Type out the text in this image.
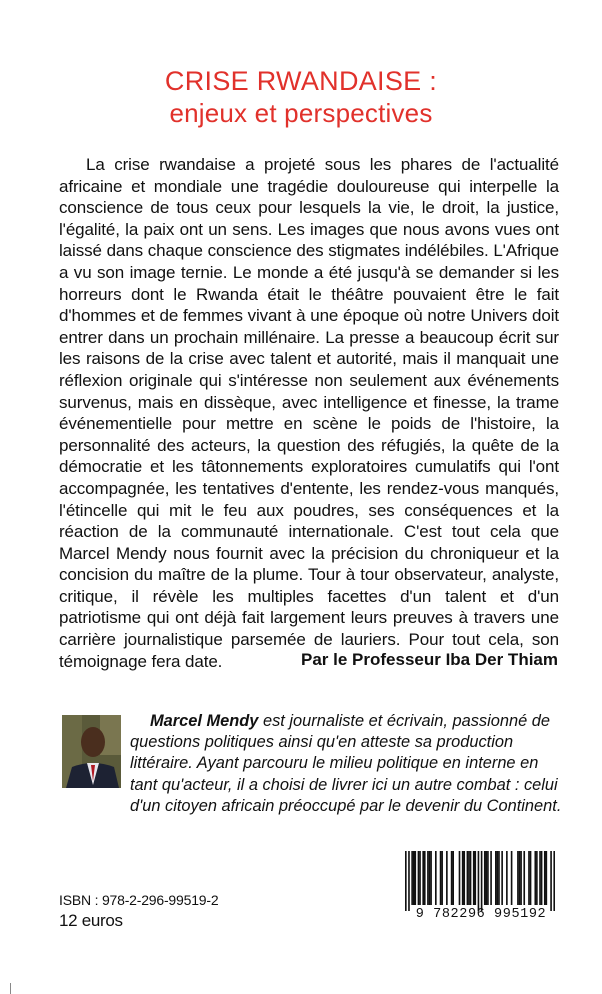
CRISE RWANDAISE :
enjeux et perspectives

La crise rwandaise a projeté sous les phares de l'actualité africaine et mondiale une tragédie douloureuse qui interpelle la conscience de tous ceux pour lesquels la vie, le droit, la justice, l'égalité, la paix ont un sens. Les images que nous avons vues ont laissé dans chaque conscience des stigmates indélébiles. L'Afrique a vu son image ternie. Le monde a été jusqu'à se demander si les horreurs dont le Rwanda était le théâtre pouvaient être le fait d'hommes et de femmes vivant à une époque où notre Univers doit entrer dans un prochain millénaire. La presse a beaucoup écrit sur les raisons de la crise avec talent et autorité, mais il manquait une réflexion originale qui s'intéresse non seulement aux événements survenus, mais en dissèque, avec intelligence et finesse, la trame événementielle pour mettre en scène le poids de l'histoire, la personnalité des acteurs, la question des réfugiés, la quête de la démocratie et les tâtonnements exploratoires cumulatifs qui l'ont accompagnée, les tentatives d'entente, les rendez-vous manqués, l'étincelle qui mit le feu aux poudres, ses conséquences et la réaction de la communauté internationale. C'est tout cela que Marcel Mendy nous fournit avec la précision du chroniqueur et la concision du maître de la plume. Tour à tour observateur, analyste, critique, il révèle les multiples facettes d'un talent et d'un patriotisme qui ont déjà fait largement leurs preuves à travers une carrière journalistique parsemée de lauriers. Pour tout cela, son témoignage fera date.	Par le Professeur Iba Der Thiam

Marcel Mendy est journaliste et écrivain, passionné de questions politiques ainsi qu'en atteste sa production littéraire. Ayant parcouru le milieu politique en interne en tant qu'acteur, il a choisi de livrer ici un autre combat : celui d'un citoyen africain préoccupé par le devenir du Continent.

ISBN : 978-2-296-99519-2
12 euros	9 782296 995192
